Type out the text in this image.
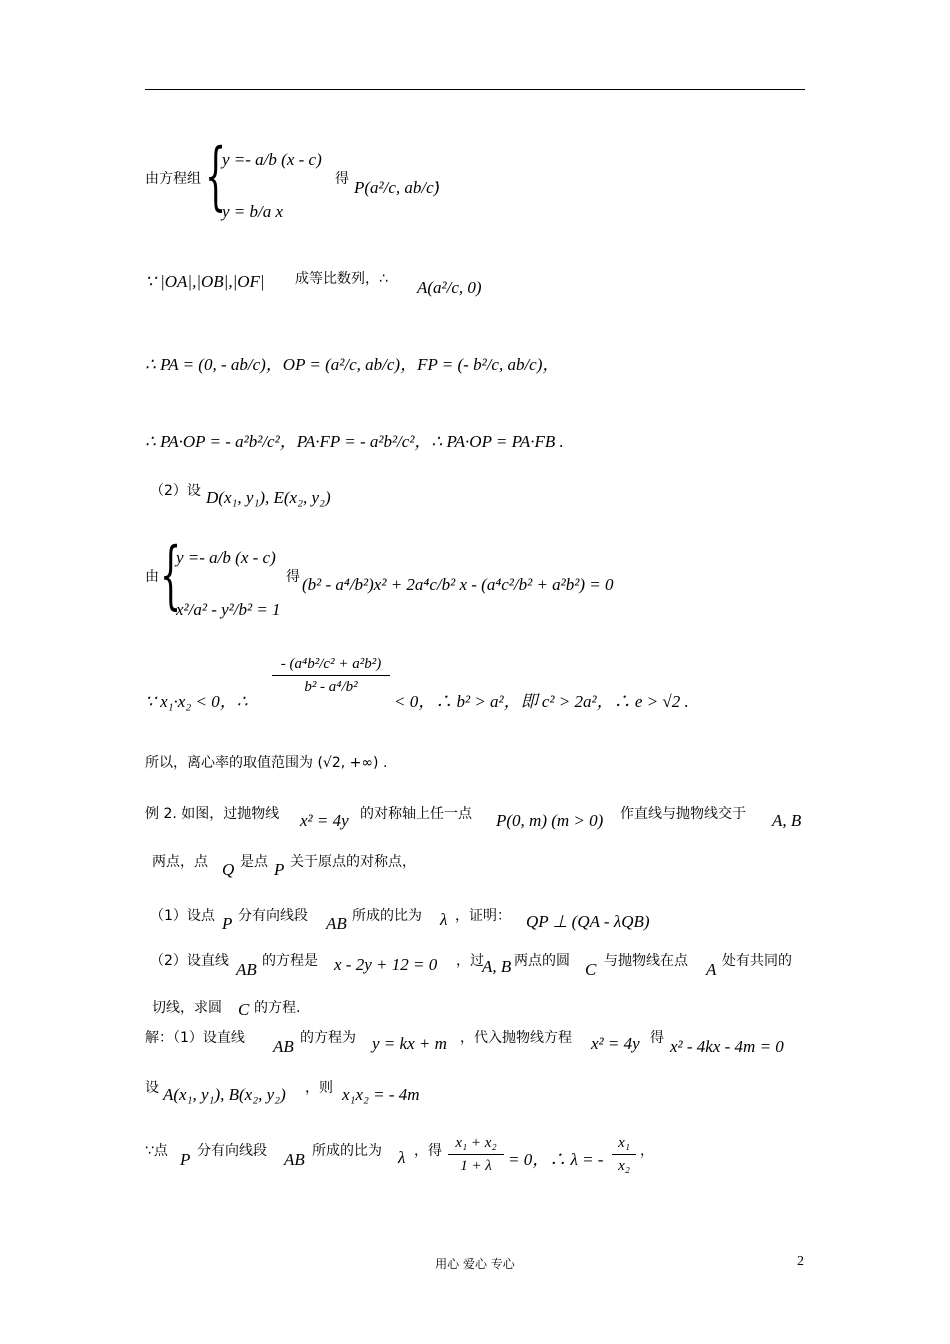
由方程组 {
y =- a/b (x - c)
y = b/a x
得 P(a²/c, ab/c)
，
∵ |OA|,|OB|,|OF| 成等比数列，∴ A(a²/c, 0)
∴ PA = (0, - ab/c)，OP = (a²/c, ab/c)，FP = (- b²/c, ab/c)，
∴ PA·OP = - a²b²/c²，PA·FP = - a²b²/c²，∴ PA·OP = PA·FB .
（2）设 D(x₁, y₁), E(x₂, y₂)
由 {
y =- a/b (x - c)
x²/a² - y²/b² = 1
得 (b² - a⁴/b²)x² + 2a⁴c/b² x - (a⁴c²/b² + a²b²) = 0
∵ x₁·x₂ < 0，∴
- (a⁴b²/c² + a²b²)
b² - a⁴/b²
< 0，∴ b² > a²，即 c² > 2a²，∴ e > √2 .
所以，离心率的取值范围为 (√2, +∞) .
例 2. 如图，过抛物线 x² = 4y 的对称轴上任一点 P(0, m) (m > 0) 作直线与抛物线交于 A, B
两点，点 Q 是点 P 关于原点的对称点，
（1）设点 P 分有向线段 AB 所成的比为 λ ，证明： QP ⊥ (QA - λQB)
（2）设直线 AB 的方程是 x - 2y + 12 = 0 ，过
A, B 两点的圆 C 与抛物线在点 A 处有共同的
切线，求圆 C 的方程.
解：（1）设直线 AB 的方程为 y = kx + m ，代入抛物线方程 x² = 4y 得 x² - 4kx - 4m = 0
设 A(x₁, y₁), B(x₂, y₂) ，则 x₁x₂ = - 4m
∵点 P 分有向线段 AB 所成的比为 λ ，得 x₁ + x₂
1 + λ = 0，∴ λ = -
x₁
x₂
，
用心 爱心 专心	2
